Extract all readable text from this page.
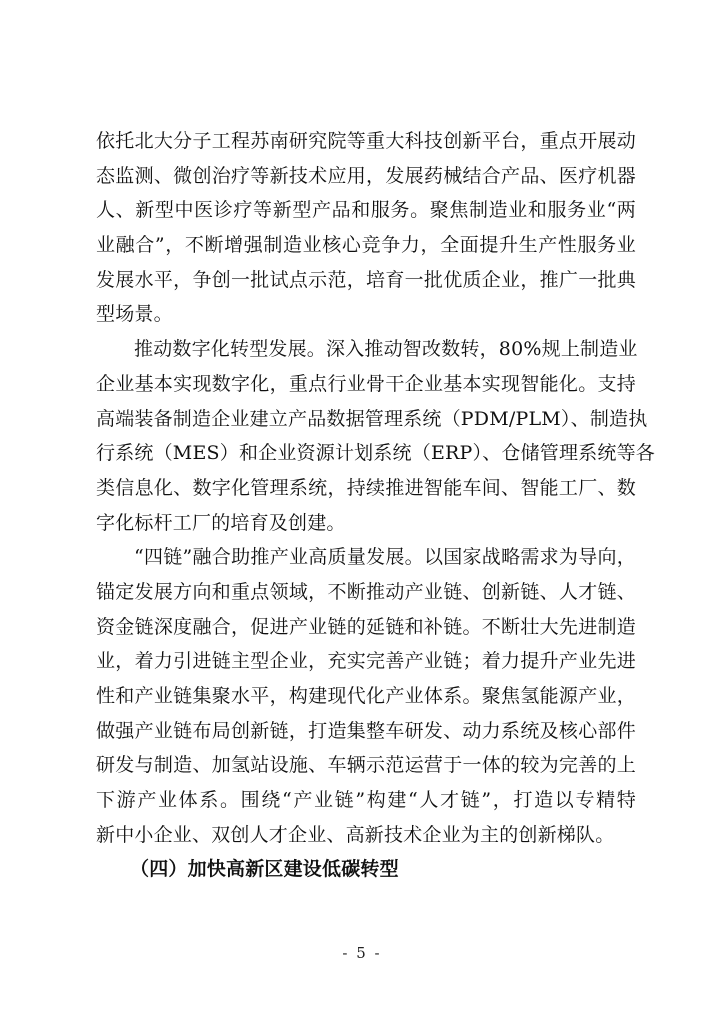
依托北大分子工程苏南研究院等重大科技创新平台，重点开展动
态监测、微创治疗等新技术应用，发展药械结合产品、医疗机器
人、新型中医诊疗等新型产品和服务。聚焦制造业和服务业“两
业融合”，不断增强制造业核心竞争力，全面提升生产性服务业
发展水平，争创一批试点示范，培育一批优质企业，推广一批典
型场景。
推动数字化转型发展。深入推动智改数转，80%规上制造业
企业基本实现数字化，重点行业骨干企业基本实现智能化。支持
高端装备制造企业建立产品数据管理系统（PDM/PLM）、制造执
行系统（MES）和企业资源计划系统（ERP）、仓储管理系统等各
类信息化、数字化管理系统，持续推进智能车间、智能工厂、数
字化标杆工厂的培育及创建。
“四链”融合助推产业高质量发展。以国家战略需求为导向，
锚定发展方向和重点领域，不断推动产业链、创新链、人才链、
资金链深度融合，促进产业链的延链和补链。不断壮大先进制造
业，着力引进链主型企业，充实完善产业链；着力提升产业先进
性和产业链集聚水平，构建现代化产业体系。聚焦氢能源产业，
做强产业链布局创新链，打造集整车研发、动力系统及核心部件
研发与制造、加氢站设施、车辆示范运营于一体的较为完善的上
下游产业体系。围绕“产业链”构建“人才链”，打造以专精特
新中小企业、双创人才企业、高新技术企业为主的创新梯队。
（四）加快高新区建设低碳转型
- 5 -
